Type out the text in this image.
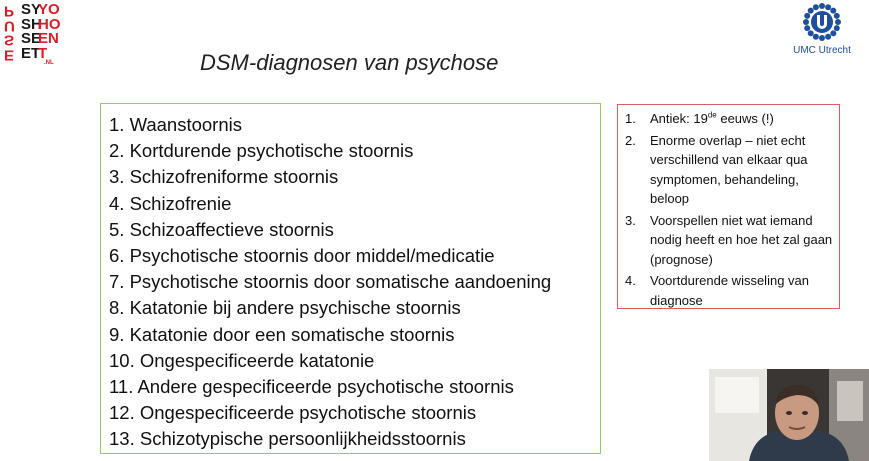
P SY
YO
U SH
HO
S SE
EN
E ET
T
.NL
UMC Utrecht
DSM-diagnosen van psychose
1. Waanstoornis
2. Kortdurende psychotische stoornis
3. Schizofreniforme stoornis
4. Schizofrenie
5. Schizoaffectieve stoornis
6. Psychotische stoornis door middel/medicatie
7. Psychotische stoornis door somatische aandoening
8. Katatonie bij andere psychische stoornis
9. Katatonie door een somatische stoornis
10. Ongespecificeerde katatonie
11. Andere gespecificeerde psychotische stoornis
12. Ongespecificeerde psychotische stoornis
13. Schizotypische persoonlijkheidsstoornis
1.	Antiek: 19de eeuws (!)
2.	Enorme overlap – niet echt verschillend van elkaar qua symptomen, behandeling, beloop
3.	Voorspellen niet wat iemand nodig heeft en hoe het zal gaan (prognose)
4.	Voortdurende wisseling van diagnose
